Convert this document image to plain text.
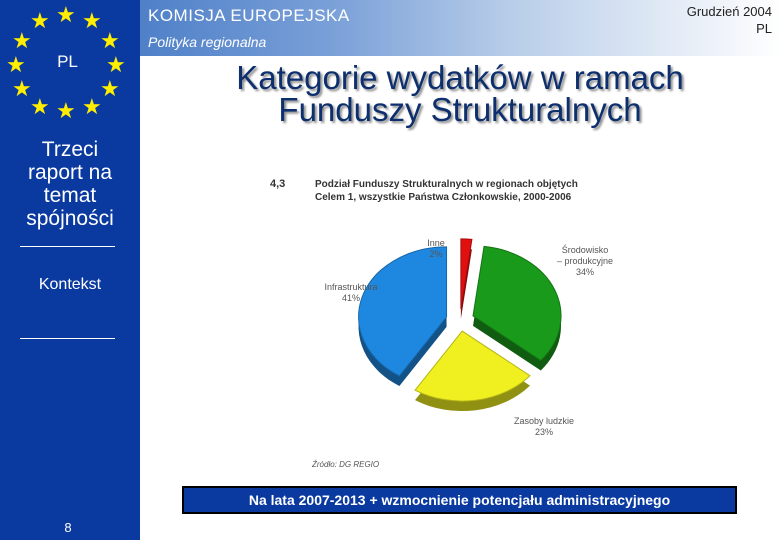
★ ★
★
★
★
★
★
★
★
★
★
★
PL
Trzeci
raport na
temat
spójności
Kontekst
8
KOMISJA EUROPEJSKA
Polityka regionalna
Grudzień 2004
PL
Kategorie wydatków w ramach
Funduszy Strukturalnych
4,3	Podział Funduszy Strukturalnych w regionach objętych
Celem 1, wszystkie Państwa Członkowskie, 2000-2006
Inne
2%	Środowisko
– produkcyjne
34%
Zasoby ludzkie
23%
Infrastruktura
41%
Źródło: DG REGIO
Na lata 2007-2013 + wzmocnienie potencjału administracyjnego
